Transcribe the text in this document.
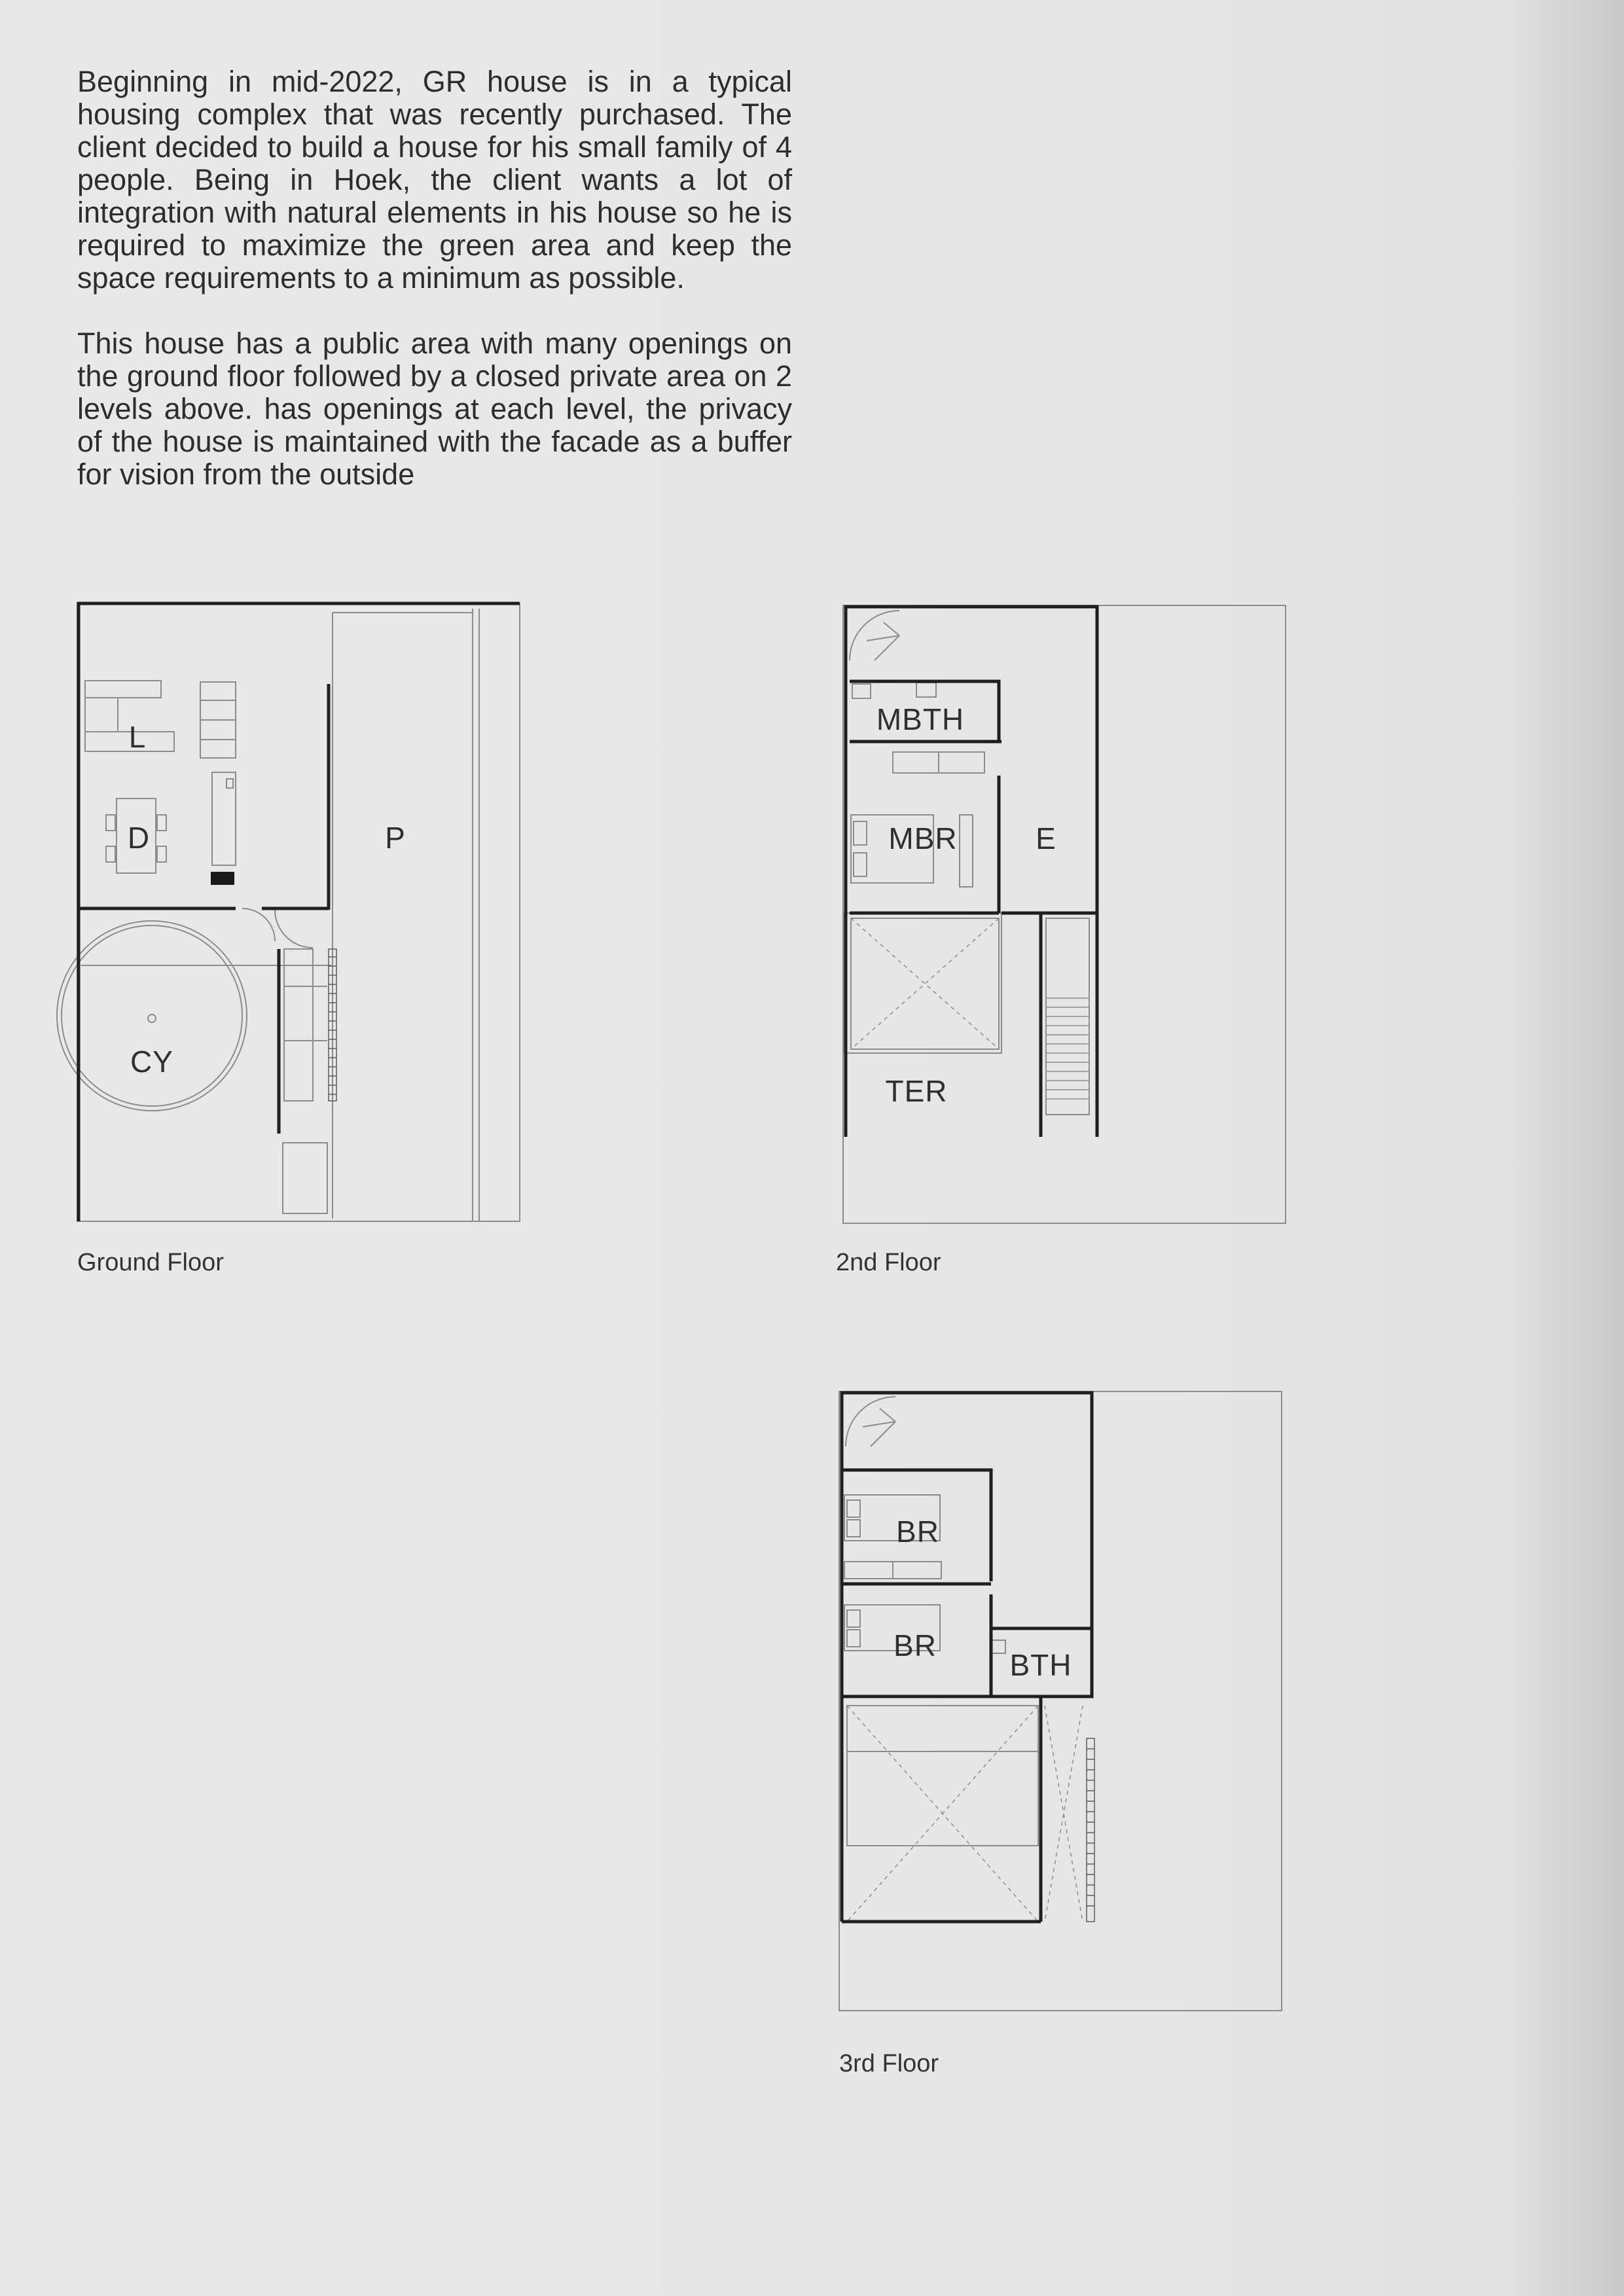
Beginning in mid-2022, GR house is in a typical housing complex that was recently purchased. The client decided to build a house for his small family of 4 people. Being in Hoek, the client wants a lot of integration with natural elements in his house so he is required to maximize the green area and keep the space requirements to a minimum as possible.

This house has a public area with many openings on the ground floor followed by a closed private area on 2 levels above. has openings at each level, the privacy of the house is maintained with the facade as a buffer for vision from the outside

L
D	P
CY
Ground Floor
MBTH
MBR	E
TER
2nd Floor
BR
BR
BTH
3rd Floor
